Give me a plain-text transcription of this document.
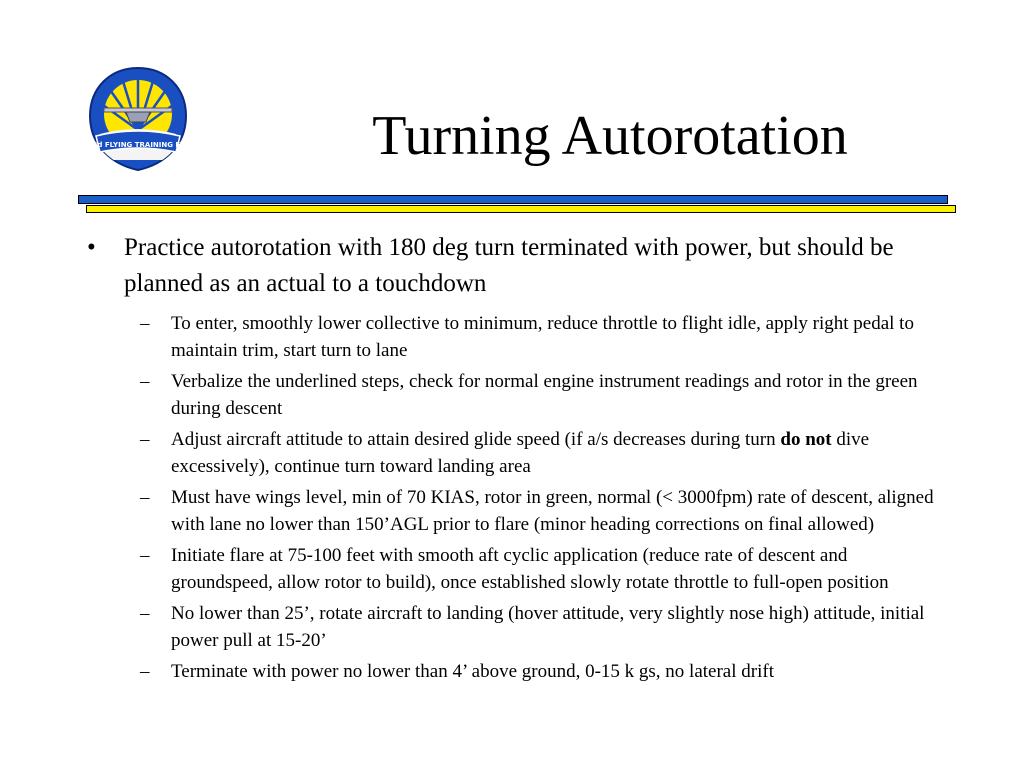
23d FLYING TRAINING FLT	Turning Autorotation
• Practice autorotation with 180 deg turn terminated with power, but should be planned as an actual to a touchdown
– To enter, smoothly lower collective to minimum, reduce throttle to flight idle, apply right pedal to maintain trim, start turn to lane
– Verbalize the underlined steps, check for normal engine instrument readings and rotor in the green during descent
– Adjust aircraft attitude to attain desired glide speed (if a/s decreases during turn do not dive excessively), continue turn toward landing area
– Must have wings level, min of 70 KIAS, rotor in green, normal (< 3000fpm) rate of descent, aligned with lane no lower than 150’AGL prior to flare (minor heading corrections on final allowed)
– Initiate flare at 75-100 feet with smooth aft cyclic application (reduce rate of descent and groundspeed, allow rotor to build), once established slowly rotate throttle to full-open position
– No lower than 25’, rotate aircraft to landing (hover attitude, very slightly nose high) attitude, initial power pull at 15-20’
– Terminate with power no lower than 4’ above ground, 0-15 k gs, no lateral drift
